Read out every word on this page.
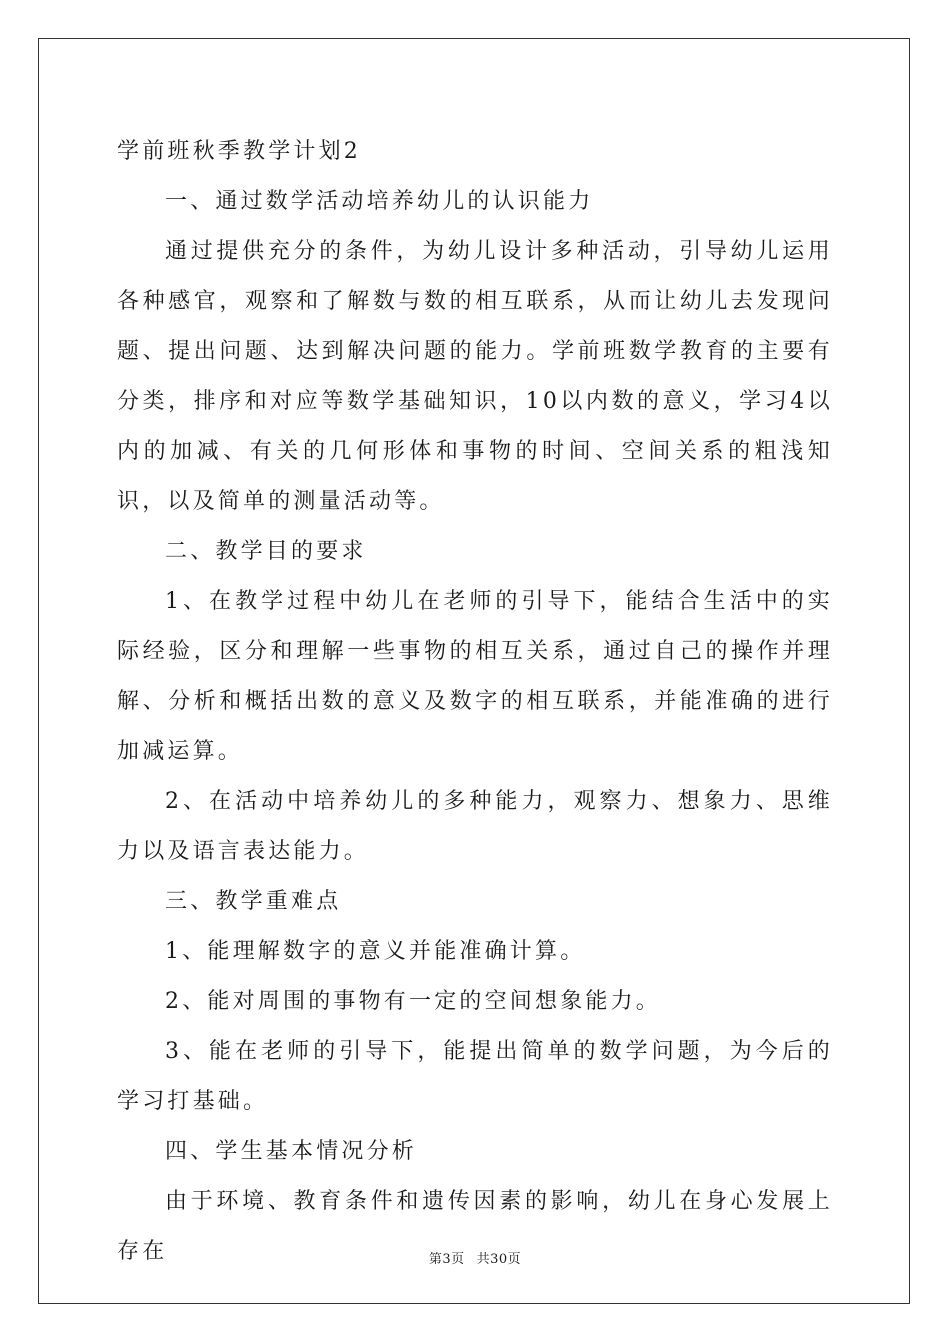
学前班秋季教学计划2

一、通过数学活动培养幼儿的认识能力

通过提供充分的条件，为幼儿设计多种活动，引导幼儿运用各种感官，观察和了解数与数的相互联系，从而让幼儿去发现问题、提出问题、达到解决问题的能力。学前班数学教育的主要有分类，排序和对应等数学基础知识，10以内数的意义，学习4以内的加减、有关的几何形体和事物的时间、空间关系的粗浅知识，以及简单的测量活动等。

二、教学目的要求

1、在教学过程中幼儿在老师的引导下，能结合生活中的实际经验，区分和理解一些事物的相互关系，通过自己的操作并理解、分析和概括出数的意义及数字的相互联系，并能准确的进行加减运算。

2、在活动中培养幼儿的多种能力，观察力、想象力、思维力以及语言表达能力。

三、教学重难点

1、能理解数字的意义并能准确计算。

2、能对周围的事物有一定的空间想象能力。

3、能在老师的引导下，能提出简单的数学问题，为今后的学习打基础。

四、学生基本情况分析

由于环境、教育条件和遗传因素的影响，幼儿在身心发展上存在	第3页 共30页
